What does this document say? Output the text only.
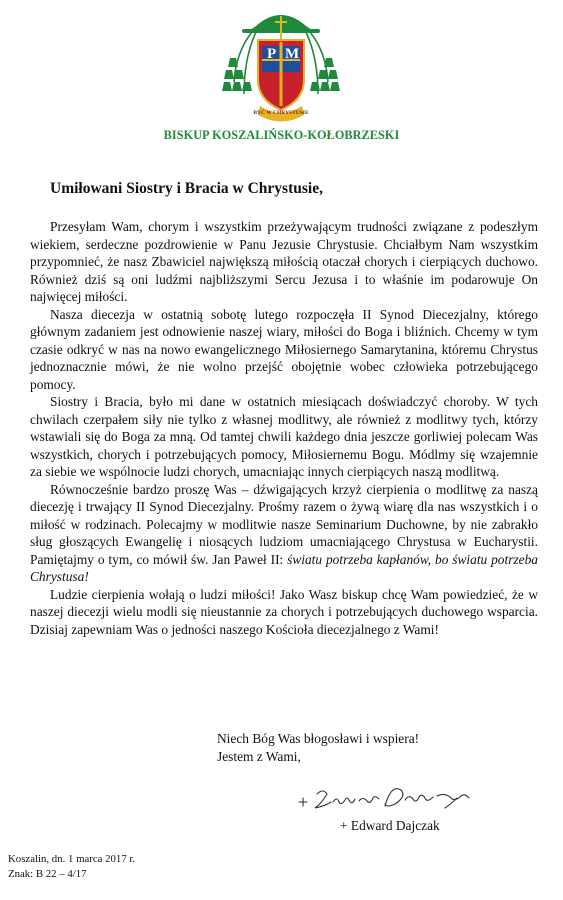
P M
BYĆ W CHRYSTUSIE
BISKUP KOSZALIŃSKO-KOŁOBRZESKI
Umiłowani Siostry i Bracia w Chrystusie,

Przesyłam Wam, chorym i wszystkim przeżywającym trudności związane z podeszłym wiekiem, serdeczne pozdrowienie w Panu Jezusie Chrystusie. Chciałbym Nam wszystkim przypomnieć, że nasz Zbawiciel największą miłością otaczał chorych i cierpiących duchowo. Również dziś są oni ludźmi najbliższymi Sercu Jezusa i to właśnie im podarowuje On najwięcej miłości.

Nasza diecezja w ostatnią sobotę lutego rozpoczęła II Synod Diecezjalny, którego głównym zadaniem jest odnowienie naszej wiary, miłości do Boga i bliźnich. Chcemy w tym czasie odkryć w nas na nowo ewangelicznego Miłosiernego Samarytanina, któremu Chrystus jednoznacznie mówi, że nie wolno przejść obojętnie wobec człowieka potrzebującego pomocy.

Siostry i Bracia, było mi dane w ostatnich miesiącach doświadczyć choroby. W tych chwilach czerpałem siły nie tylko z własnej modlitwy, ale również z modlitwy tych, którzy wstawiali się do Boga za mną. Od tamtej chwili każdego dnia jeszcze gorliwiej polecam Was wszystkich, chorych i potrzebujących pomocy, Miłosiernemu Bogu. Módlmy się wzajemnie za siebie we wspólnocie ludzi chorych, umacniając innych cierpiących naszą modlitwą.

Równocześnie bardzo proszę Was – dźwigających krzyż cierpienia o modlitwę za naszą diecezję i trwający II Synod Diecezjalny. Prośmy razem o żywą wiarę dla nas wszystkich i o miłość w rodzinach. Polecajmy w modlitwie nasze Seminarium Duchowne, by nie zabrakło sług głoszących Ewangelię i niosących ludziom umacniającego Chrystusa w Eucharystii. Pamiętajmy o tym, co mówił św. Jan Paweł II: światu potrzeba kapłanów, bo światu potrzeba Chrystusa!

Ludzie cierpienia wołają o ludzi miłości! Jako Wasz biskup chcę Wam powiedzieć, że w naszej diecezji wielu modli się nieustannie za chorych i potrzebujących duchowego wsparcia. Dzisiaj zapewniam Was o jedności naszego Kościoła diecezjalnego z Wami!

Niech Bóg Was błogosławi i wspiera!
Jestem z Wami,
+ Edward Dajczak
Koszalin, dn. 1 marca 2017 r.
Znak: B 22 – 4/17
